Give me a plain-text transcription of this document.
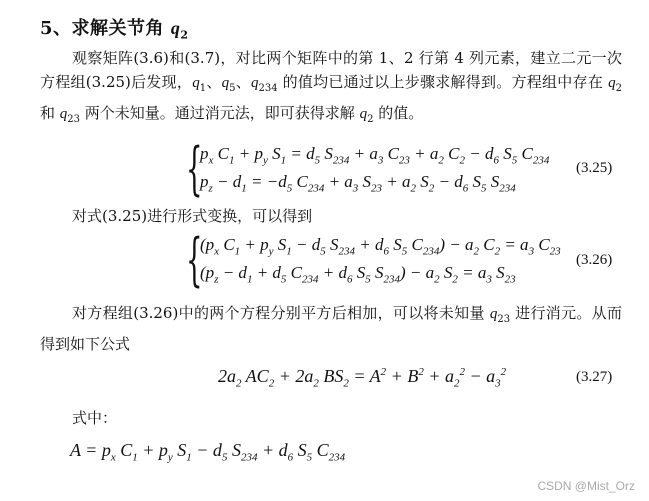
5、求解关节角 $q_2$
观察矩阵(3.6)和(3.7)，对比两个矩阵中的第 1、2 行第 4 列元素，建立二元一次方程组(3.25)后发现，$q_1$、$q_5$、$q_{234}$ 的值均已通过以上步骤求解得到。方程组中存在 $q_2$ 和 $q_{23}$ 两个未知量。通过消元法，即可获得求解 $q_2$ 的值。
{
$p_x$ $C_1 + p_y$ $S_1 = d_5$ $S_{234} + a_3$ $C_{23} + a_2$ $C_2 - d_6$ $S_5$ $C_{234}$
$p_z - d_1 = -d_5$ $C_{234} + a_3$ $S_{23} + a_2$ $S_2 - d_6$ $S_5$ $S_{234}$
(3.25)
对式(3.25)进行形式变换，可以得到
{
($p_x$ $C_1 + p_y$ $S_1 - d_5$ $S_{234} + d_6$ $S_5$ $C_{234}) - a_2$ $C_2 = a_3$ $C_{23}$
($p_z - d_1 + d_5$ $C_{234} + d_6$ $S_5$ $S_{234}) - a_2$ $S_2 = a_3$ $S_{23}$
(3.26)
对方程组(3.26)中的两个方程分别平方后相加，可以将未知量 $q_{23}$ 进行消元。从而得到如下公式
$2a_2$ $AC_2 + 2a_2$ $BS_2 = A^2 + B^2 + a_2^2 - a_3^2$	(3.27)
式中：
$A = p_x$ $C_1 + p_y$ $S_1 - d_5$ $S_{234} + d_6$ $S_5$ $C_{234}$
CSDN @Mist_Orz
